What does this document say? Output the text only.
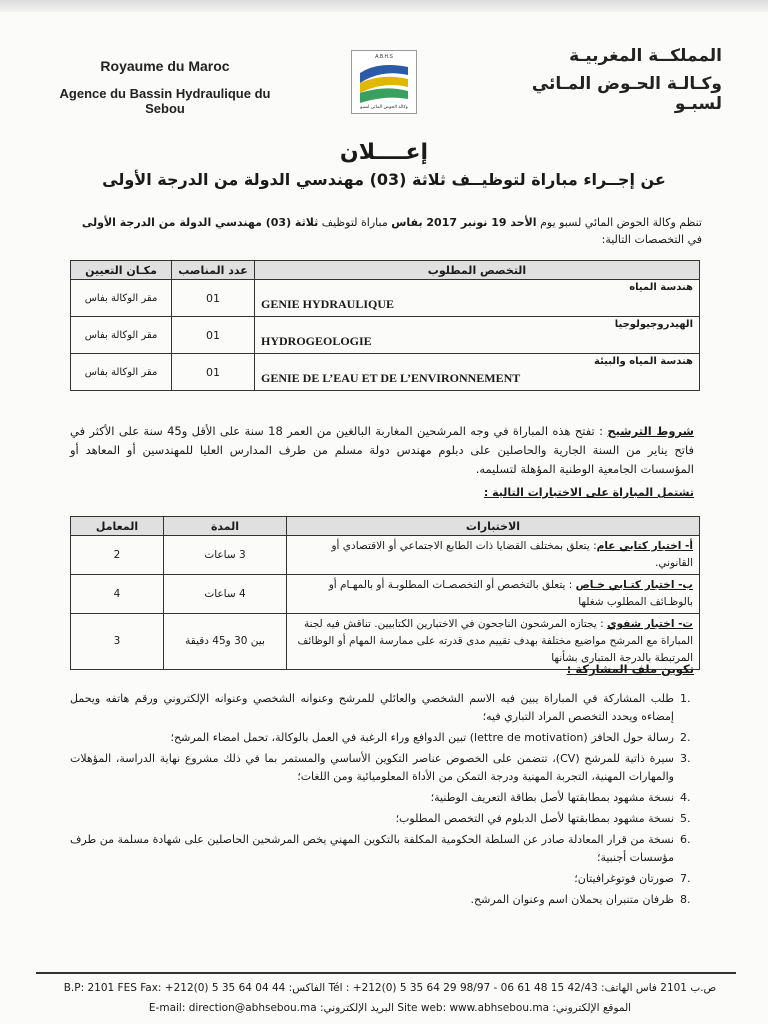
Royaume du Maroc
Agence du Bassin Hydraulique du Sebou
A.B.H.S
وكالة الحوض المائي لسبو
المملكــة المغربيـة
وكـالـة الحـوض المـائي لسبـو
إعــــلان
عن إجــراء مباراة لتوظيــف ثلاثة (03) مهندسي الدولة من الدرجة الأولى
تنظم وكالة الحوض المائي لسبو يوم الأحد 19 نونبر 2017 بفاس مباراة لتوظيف ثلاثة (03) مهندسي الدولة من الدرجة الأولى في التخصصات التالية:
التخصص المطلوب	عدد المناصب	مكـان التعيين

هندسة المياه
GENIE HYDRAULIQUE	01	مقر الوكالة بفاس

الهيدروجيولوجيا
HYDROGEOLOGIE	01	مقر الوكالة بفاس

هندسة المياه والبيئة
GENIE DE L’EAU ET DE L’ENVIRONNEMENT	01	مقر الوكالة بفاس
شروط الترشيح : تفتح هذه المباراة في وجه المرشحين المغاربة البالغين من العمر 18 سنة على الأقل و45 سنة على الأكثر في فاتح يناير من السنة الجارية والحاصلين على دبلوم مهندس دولة مسلم من طرف المدارس العليا للمهندسين أو المعاهد أو المؤسسات الجامعية الوطنية المؤهلة لتسليمه.
تشتمل المباراة على الاختبارات التالية :
الاختبارات	المدة	المعامل
أ- اختبار كتابي عام: يتعلق بمختلف القضايا ذات الطابع الاجتماعي أو الاقتصادي أو القانوني.	3 ساعات	2
ب- اختبار كتـابي خـاص : يتعلق بالتخصص أو التخصصـات المطلوبـة أو بالمهـام أو بالوظـائف المطلوب شغلها	4 ساعات	4
ت- اختبار شفوي : يجتازه المرشحون الناجحون في الاختبارين الكتابيين. تناقش فيه لجنة المباراة مع المرشح مواضيع مختلفة بهدف تقييم مدى قدرته على ممارسة المهام أو الوظائف المرتبطة بالدرجة المتبارى بشأنها	بين 30 و45 دقيقة	3
تكوين ملف المشاركة :
1.
طلب المشاركة في المباراة يبين فيه الاسم الشخصي والعائلي للمرشح وعنوانه الشخصي وعنوانه الإلكتروني ورقم هاتفه ويحمل إمضاءه ويحدد التخصص المراد التباري فيه؛
2.
رسالة حول الحافز (lettre de motivation) تبين الدوافع وراء الرغبة في العمل بالوكالة، تحمل امضاء المرشح؛
3.
سيرة ذاتية للمرشح (CV)، تتضمن على الخصوص عناصر التكوين الأساسي والمستمر بما في ذلك مشروع نهاية الدراسة، المؤهلات والمهارات المهنية، التجربة المهنية ودرجة التمكن من الأداة المعلوميائية ومن اللغات؛
4.
نسخة مشهود بمطابقتها لأصل بطاقة التعريف الوطنية؛
5.
نسخة مشهود بمطابقتها لأصل الدبلوم في التخصص المطلوب؛
6.
نسخة من قرار المعادلة صادر عن السلطة الحكومية المكلفة بالتكوين المهني يخص المرشحين الحاصلين على شهادة مسلمة من طرف مؤسسات أجنبية؛
7.
صورتان فوتوغرافيتان؛
8.
ظرفان متنبران يحملان اسم وعنوان المرشح.
B.P: 2101 FES Fax: +212(0) 5 35 64 04 44 :الفاكس Tél : +212(0) 5 35 64 29 98/97 - 06 61 48 15 42/43 :ص.ب 2101 فاس الهاتف
E-mail: direction@abhsebou.ma :البريد الإلكتروني Site web: www.abhsebou.ma :الموقع الإلكتروني
